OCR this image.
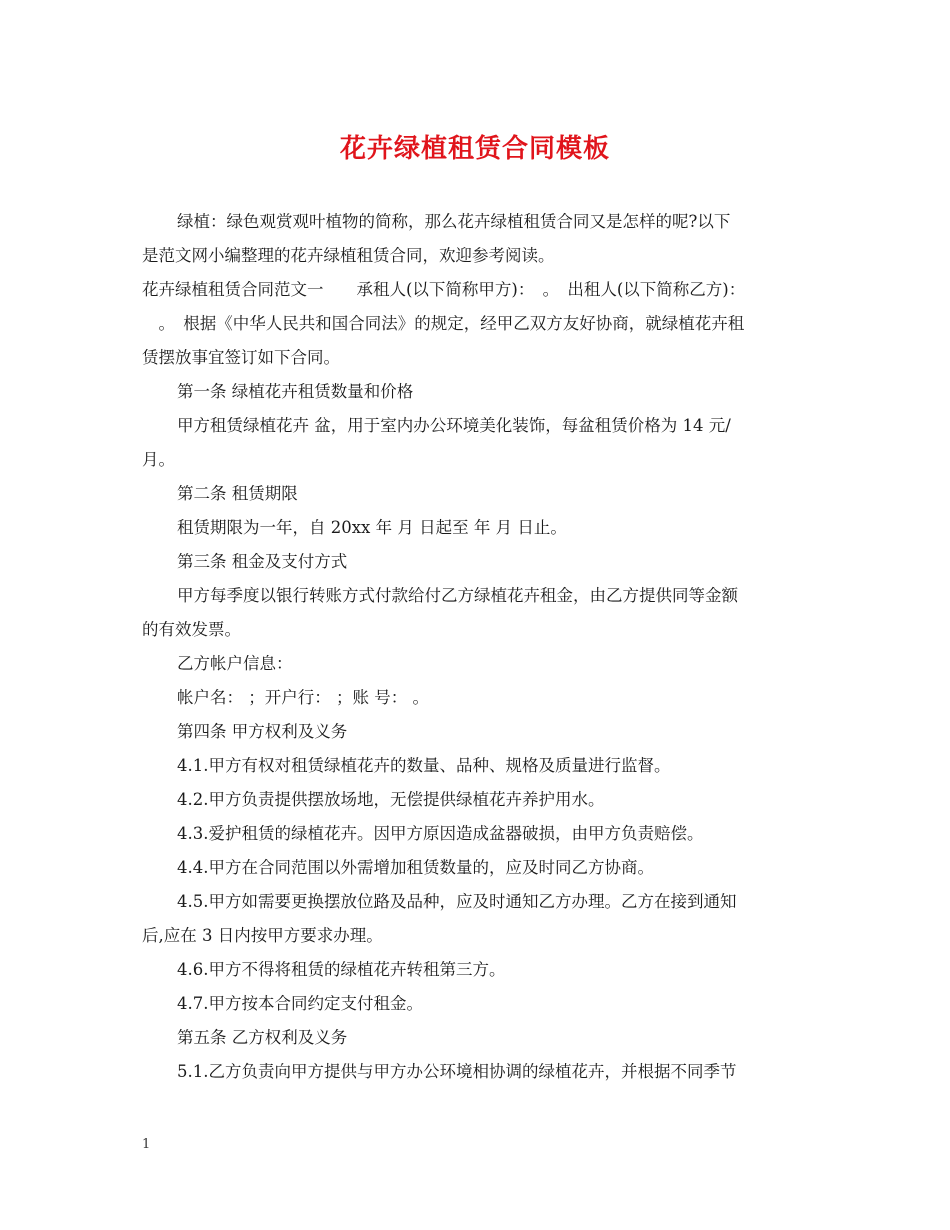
花卉绿植租赁合同模板
绿植：绿色观赏观叶植物的简称，那么花卉绿植租赁合同又是怎样的呢?以下
是范文网小编整理的花卉绿植租赁合同，欢迎参考阅读。
花卉绿植租赁合同范文一　　承租人(以下简称甲方)：　。　出租人(以下简称乙方)：
　。　根据《中华人民共和国合同法》的规定，经甲乙双方友好协商，就绿植花卉租
赁摆放事宜签订如下合同。
第一条 绿植花卉租赁数量和价格
甲方租赁绿植花卉 盆，用于室内办公环境美化装饰，每盆租赁价格为 14 元/
月。
第二条 租赁期限
租赁期限为一年，自 20xx 年 月 日起至 年 月 日止。
第三条 租金及支付方式
甲方每季度以银行转账方式付款给付乙方绿植花卉租金，由乙方提供同等金额
的有效发票。
乙方帐户信息：
帐户名： ；开户行： ；账 号： 。
第四条 甲方权利及义务
4.1.甲方有权对租赁绿植花卉的数量、品种、规格及质量进行监督。
4.2.甲方负责提供摆放场地，无偿提供绿植花卉养护用水。
4.3.爱护租赁的绿植花卉。因甲方原因造成盆器破损，由甲方负责赔偿。
4.4.甲方在合同范围以外需增加租赁数量的，应及时同乙方协商。
4.5.甲方如需要更换摆放位路及品种，应及时通知乙方办理。乙方在接到通知
后,应在 3 日内按甲方要求办理。
4.6.甲方不得将租赁的绿植花卉转租第三方。
4.7.甲方按本合同约定支付租金。
第五条 乙方权利及义务
5.1.乙方负责向甲方提供与甲方办公环境相协调的绿植花卉，并根据不同季节
1
